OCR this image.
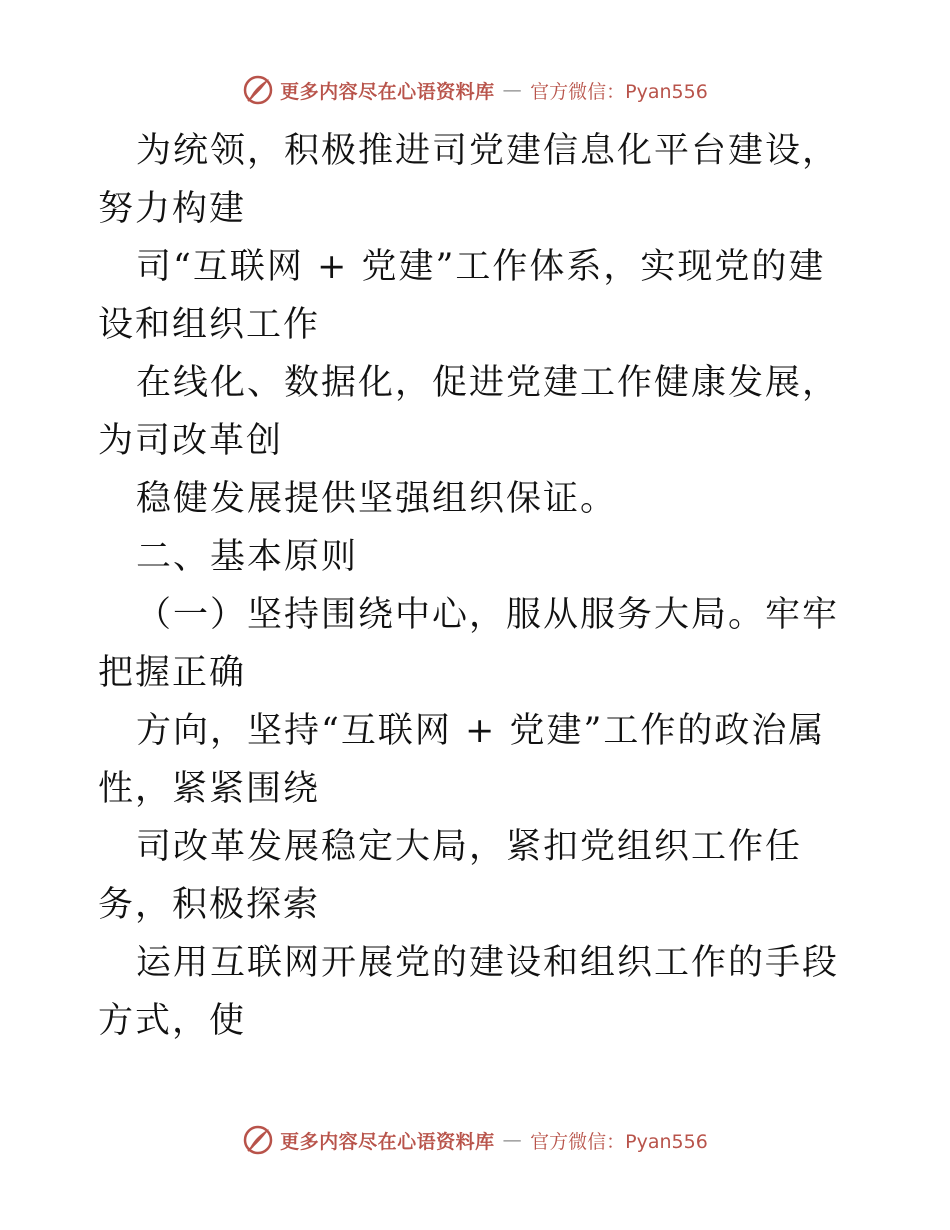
更多内容尽在心语资料库 — 官方微信：Pyan556

为统领，积极推进司党建信息化平台建设，努力构建

司“互联网 + 党建”工作体系，实现党的建设和组织工作

在线化、数据化，促进党建工作健康发展，为司改革创

稳健发展提供坚强组织保证。

二、基本原则

（一）坚持围绕中心，服从服务大局。牢牢把握正确

方向，坚持“互联网 + 党建”工作的政治属性，紧紧围绕

司改革发展稳定大局，紧扣党组织工作任务，积极探索

运用互联网开展党的建设和组织工作的手段方式，使

更多内容尽在心语资料库 — 官方微信：Pyan556
